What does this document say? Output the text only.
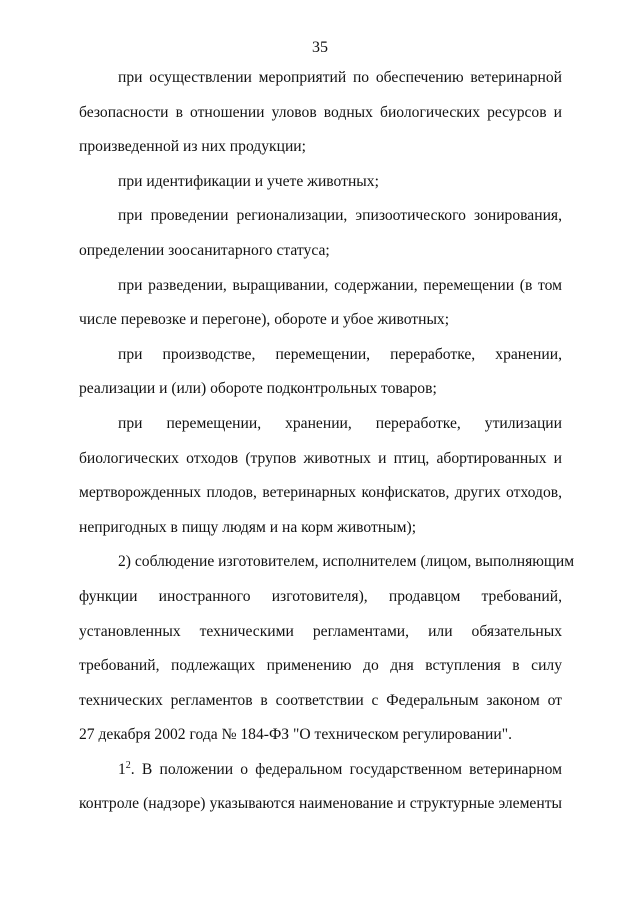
35

при осуществлении мероприятий по обеспечению ветеринарной
безопасности в отношении уловов водных биологических ресурсов и
произведенной из них продукции;

при идентификации и учете животных;

при проведении регионализации, эпизоотического зонирования,
определении зоосанитарного статуса;

при разведении, выращивании, содержании, перемещении (в том
числе перевозке и перегоне), обороте и убое животных;

при производстве, перемещении, переработке, хранении,
реализации и (или) обороте подконтрольных товаров;

при перемещении, хранении, переработке, утилизации
биологических отходов (трупов животных и птиц, абортированных и
мертворожденных плодов, ветеринарных конфискатов, других отходов,
непригодных в пищу людям и на корм животным);

2) соблюдение изготовителем, исполнителем (лицом, выполняющим
функции иностранного изготовителя), продавцом требований,
установленных техническими регламентами, или обязательных
требований, подлежащих применению до дня вступления в силу
технических регламентов в соответствии с Федеральным законом от
27 декабря 2002 года № 184-ФЗ "О техническом регулировании".

$1^2$. В положении о федеральном государственном ветеринарном
контроле (надзоре) указываются наименование и структурные элементы
